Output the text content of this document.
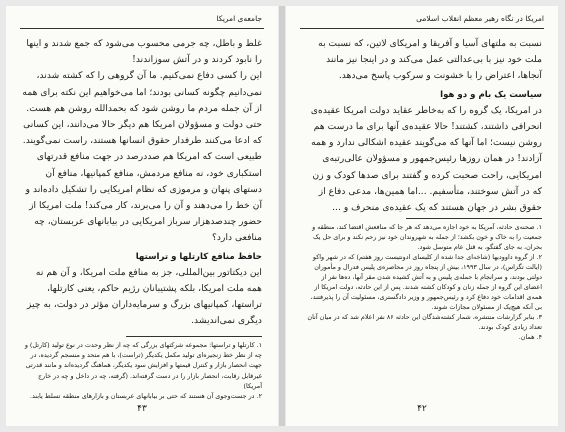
جامعه‌ی امریکا

غلط و باطل، چه جرمی محسوب می‌شود که جمع شدند و اینها را نابود کردند و در آتش سوزاندند!

این را کسی دفاع نمی‌کنیم. ما آن گروهی را که کشته شدند، نمی‌دانیم چگونه کسانی بودند؛ اما می‌خواهیم این نکته برای همه از آن جمله مردم ما روشن شود که بحمدالله روشن هم هست. حتی دولت و مسؤولان امریکا هم دیگر حالا می‌دانند، این کسانی که ادعا می‌کنند طرفدار حقوق انسانها هستند، راست نمی‌گویند.

طبیعی است که امریکا هم صددرصد در جهت منافع قدرتهای استکباری خود، نه منافع مردمش، منافع کمپانیها، منافع آن دستهای پنهان و مرموزی که نظام امریکایی را تشکیل داده‌اند و آن خط را می‌دهند و آن را می‌برند، کار می‌کند! ملت امریکا از حضور چندصدهزار سرباز امریکایی در بیابانهای عربستان، چه منافعی دارد؟

حافظ منافع کارتلها و تراستها

این دیکتاتور بین‌المللی، جز به منافع ملت امریکا، و آن هم نه همه ملت امریکا، بلکه پشتیبانان رژیم حاکم، یعنی کارتلها، تراستها، کمپانیهای بزرگ و سرمایه‌داران مؤثر در دولت، به چیز دیگری نمی‌اندیشد.

۱. کارتلها و تراستها: مجموعه شرکتهای بزرگی که چه از نظر وحدت در نوع تولید (کارتل) و چه از نظر خط زنجیره‌ای تولید مکمل یکدیگر (تراست)، با هم متحد و منسجم گردیده، در جهت انحصار بازار و کنترل قیمتها و افزایش سود یکدیگر، هماهنگ گردیده‌اند و مانند قدرتی غیرقابل رقابت، انحصار بازار را در دست گرفته‌اند. (گرفته، چه در داخل و چه در خارج آمریکا)

۲. در جست‌وجوی آن هستند که حتی بر بیابانهای عربستان و بازارهای منطقه تسلط یابند.

۴۳
امریکا در نگاه رهبر معظم انقلاب اسلامی

نسبت به ملتهای آسیا و آفریقا و امریکای لاتین، که نسبت به ملت خود نیز با بی‌عدالتی عمل می‌کند و در اینجا نیز مانند آنجاها، اعتراض را با خشونت و سرکوب پاسخ می‌دهد.

سیاست یک بام و دو هوا

در امریکا، یک گروه را که به‌خاطر عقاید دولت امریکا عقیده‌ی انحرافی داشتند، کشتند! حالا عقیده‌ی آنها برای ما درست هم روشن نیست؛ اما آنها که می‌گویند عقیده اشکالی ندارد و همه آزادند! در همان روزها رئیس‌جمهور و مسؤولان عالی‌رتبه‌ی امریکایی، راحت صحبت کرده و گفتند برای صدها کودک و زن که در آتش سوختند، متأسفیم. ...اما همین‌ها، مدعی دفاع از حقوق بشر در جهان هستند که یک عقیده‌ی منحرف و ...

۱. صحنه‌ی حادثه، آمریکا به خود اجازه می‌دهد که هر جا که منافعش اقتضا کند، منطقه و جمعیت را به خاک و خون بکشد؛ از جمله به شهروندان خود نیز رحم نکند و برای حل یک بحران، به جای گفتگو، به قتل عام متوسل شود.

۲. از گروه داوودیها (شاخه‌ای جدا شده از کلیسای ادونتیست روز هفتم) که در شهر واکو (ایالت تگزاس)، در سال ۱۹۹۳، بیش از پنجاه روز در محاصره‌ی پلیس فدرال و مأموران دولتی بودند، و سرانجام با حمله‌ی پلیس و به آتش کشیده شدن مقر آنها، ده‌ها نفر از اعضای این گروه از جمله زنان و کودکان کشته شدند. پس از این حادثه، دولت امریکا از همه‌ی اقدامات خود دفاع کرد و رئیس‌جمهور و وزیر دادگستری، مسئولیت آن را پذیرفتند، بی آنکه هیچ‌یک از مسئولان مجازات شوند.

۳. بنابر گزارشات منتشره، شمار کشته‌شدگان این حادثه ۸۶ نفر اعلام شد که در میان آنان تعداد زیادی کودک بودند.

۴. همان.

۴۲
